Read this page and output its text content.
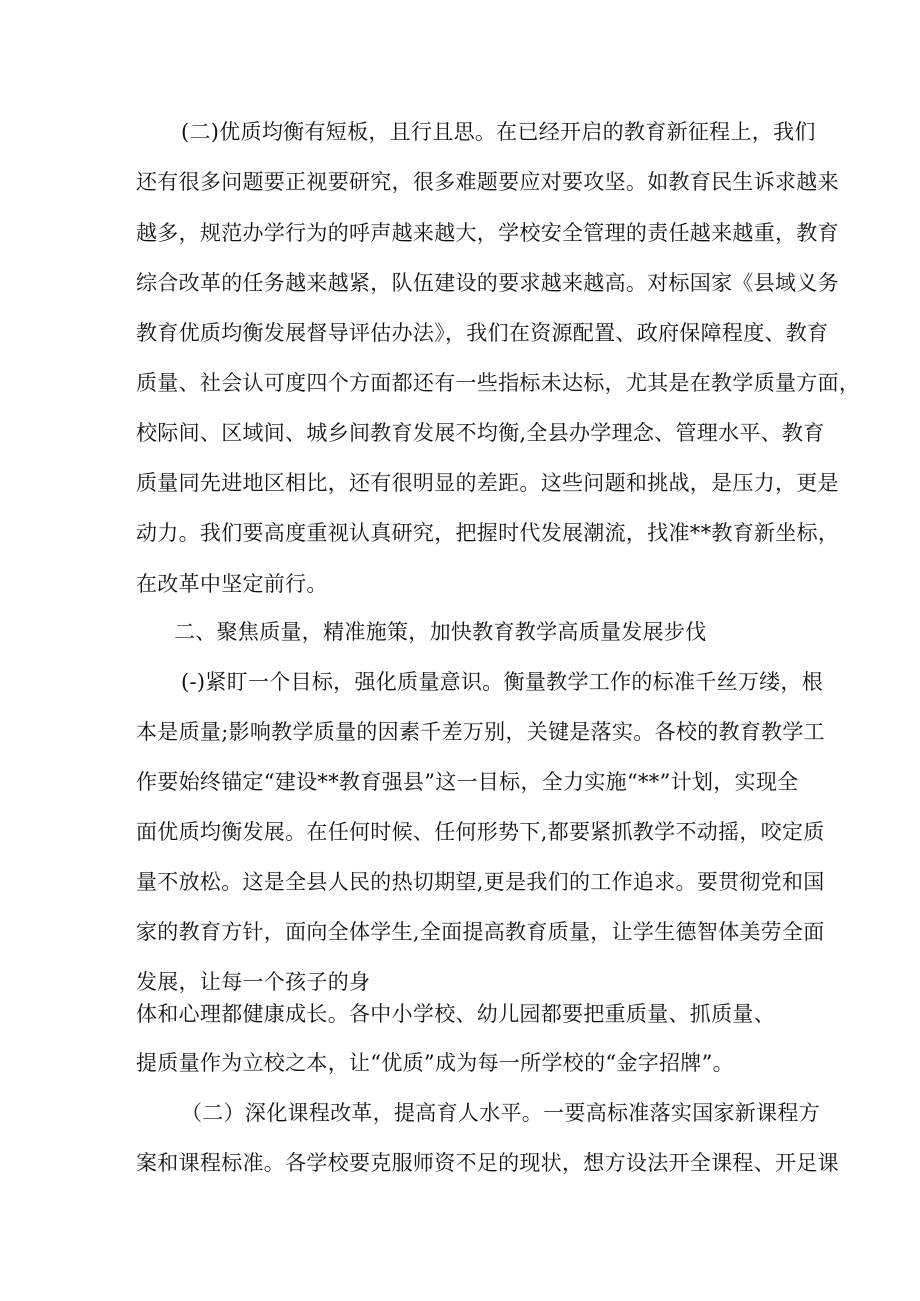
(二)优质均衡有短板，且行且思。在已经开启的教育新征程上，我们
还有很多问题要正视要研究，很多难题要应对要攻坚。如教育民生诉求越来
越多，规范办学行为的呼声越来越大，学校安全管理的责任越来越重，教育
综合改革的任务越来越紧，队伍建设的要求越来越高。对标国家《县域义务
教育优质均衡发展督导评估办法》，我们在资源配置、政府保障程度、教育
质量、社会认可度四个方面都还有一些指标未达标，尤其是在教学质量方面，
校际间、区域间、城乡间教育发展不均衡,全县办学理念、管理水平、教育
质量同先进地区相比，还有很明显的差距。这些问题和挑战，是压力，更是
动力。我们要高度重视认真研究，把握时代发展潮流，找准**教育新坐标，
在改革中坚定前行。
二、聚焦质量，精准施策，加快教育教学高质量发展步伐
(-)紧盯一个目标，强化质量意识。衡量教学工作的标准千丝万缕，根
本是质量;影响教学质量的因素千差万别，关键是落实。各校的教育教学工
作要始终锚定“建设**教育强县”这一目标，全力实施“**”计划，实现全
面优质均衡发展。在任何时候、任何形势下,都要紧抓教学不动摇，咬定质
量不放松。这是全县人民的热切期望,更是我们的工作追求。要贯彻党和国
家的教育方针，面向全体学生,全面提高教育质量，让学生德智体美劳全面
发展，让每一个孩子的身
体和心理都健康成长。各中小学校、幼儿园都要把重质量、抓质量、
提质量作为立校之本，让“优质”成为每一所学校的“金字招牌”。
（二）深化课程改革，提高育人水平。一要高标准落实国家新课程方
案和课程标准。各学校要克服师资不足的现状，想方设法开全课程、开足课
